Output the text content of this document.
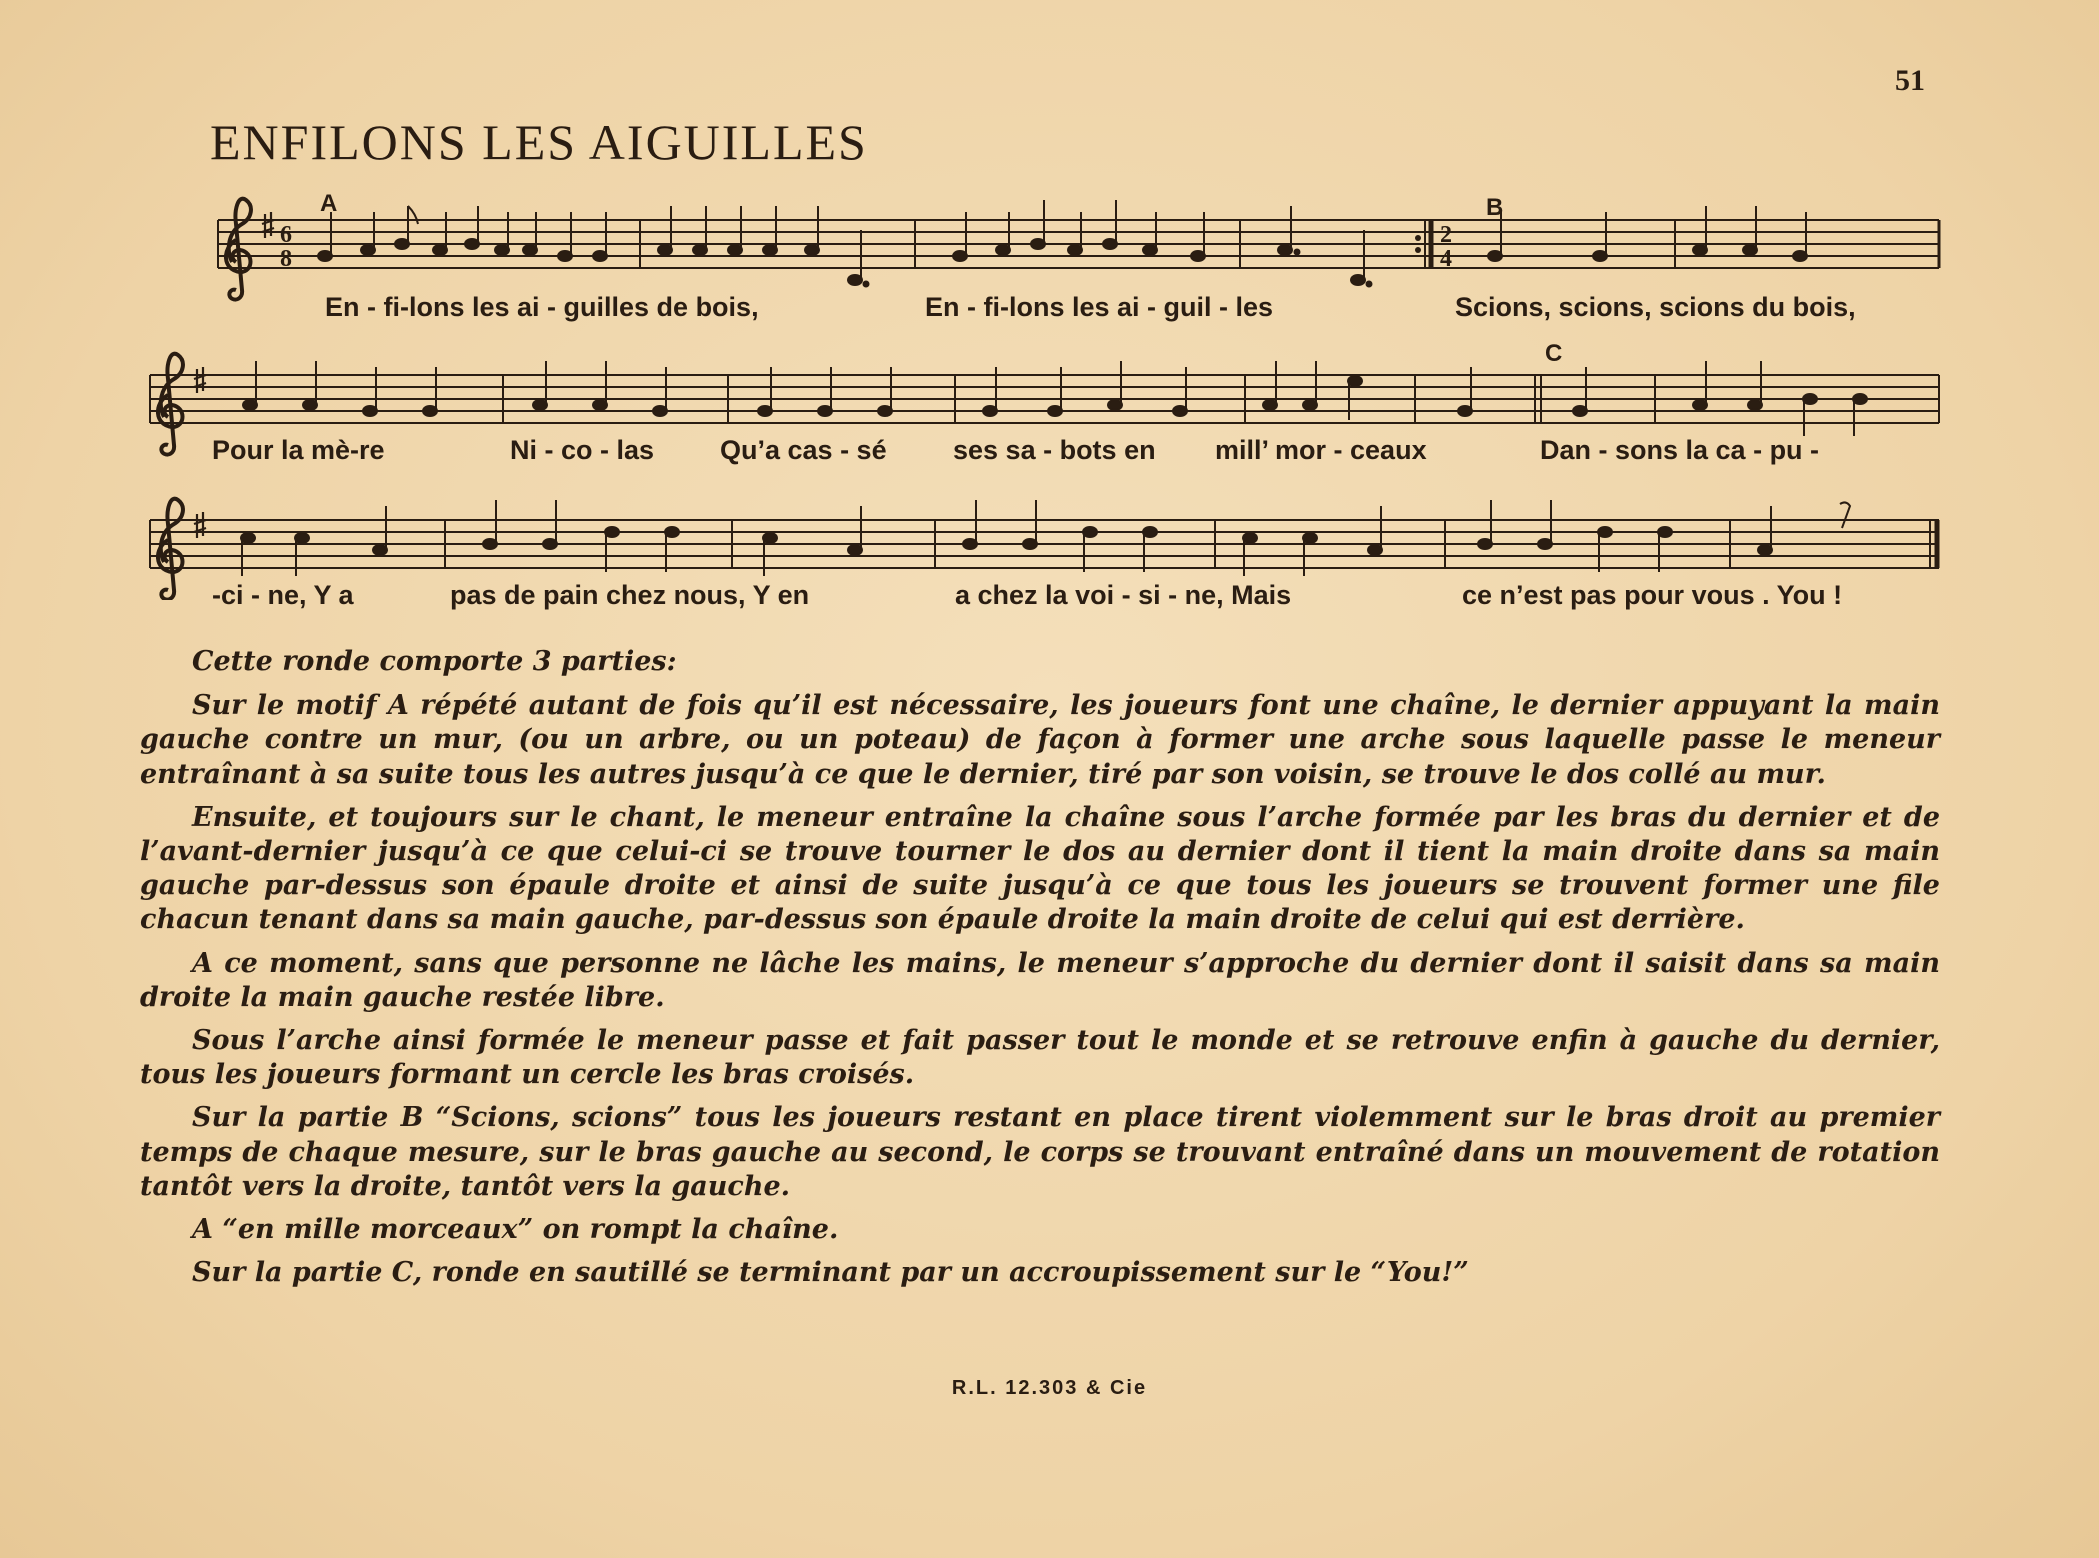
51
ENFILONS LES AIGUILLES
6
8
2
4
A	B
C
En - fi-lons les ai - guilles de bois,	En - fi-lons les ai - guil - les	Scions, scions, scions du bois,
Pour la mè-re	Ni - co - las Qu’a cas - sé ses sa - bots en mill’ mor - ceaux	Dan - sons la ca - pu -
-ci - ne, Y a	pas de pain chez nous, Y en	a chez la voi - si - ne, Mais	ce n’est pas pour vous . You !

Cette ronde comporte 3 parties:

Sur le motif A répété autant de fois qu’il est nécessaire, les joueurs font une chaîne, le dernier appuyant la main gauche contre un mur, (ou un arbre, ou un poteau) de façon à former une arche sous laquelle passe le meneur entraînant à sa suite tous les autres jusqu’à ce que le dernier, tiré par son voisin, se trouve le dos collé au mur.

Ensuite, et toujours sur le chant, le meneur entraîne la chaîne sous l’arche formée par les bras du dernier et de l’avant-dernier jusqu’à ce que celui-ci se trouve tourner le dos au dernier dont il tient la main droite dans sa main gauche par-dessus son épaule droite et ainsi de suite jusqu’à ce que tous les joueurs se trouvent former une file chacun tenant dans sa main gauche, par-dessus son épaule droite la main droite de celui qui est derrière.

A ce moment, sans que personne ne lâche les mains, le meneur s’approche du dernier dont il saisit dans sa main droite la main gauche restée libre.

Sous l’arche ainsi formée le meneur passe et fait passer tout le monde et se retrouve enfin à gauche du dernier, tous les joueurs formant un cercle les bras croisés.

Sur la partie B “Scions, scions” tous les joueurs restant en place tirent violemment sur le bras droit au premier temps de chaque mesure, sur le bras gauche au second, le corps se trouvant entraîné dans un mouvement de rotation tantôt vers la droite, tantôt vers la gauche.

A “en mille morceaux” on rompt la chaîne.

Sur la partie C, ronde en sautillé se terminant par un accroupissement sur le “You!”

R.L. 12.303 & Cie
